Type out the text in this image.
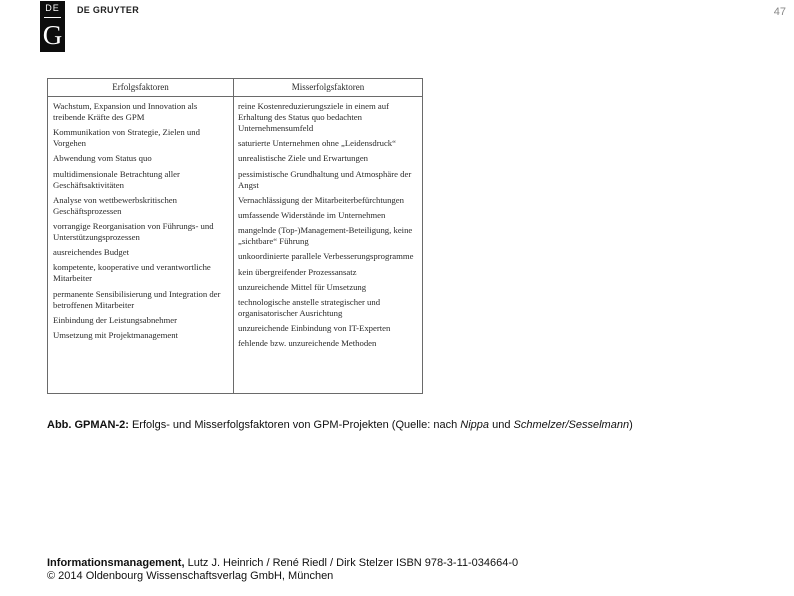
DE
G
DE GRUYTER	47
Erfolgsfaktoren	Misserfolgsfaktoren
Wachstum, Expansion und Innovation als treibende Kräfte des GPM
Kommunikation von Strategie, Zielen und Vorgehen
Abwendung vom Status quo
multidimensionale Betrachtung aller Geschäftsaktivitäten
Analyse von wettbewerbskritischen Geschäftsprozessen
vorrangige Reorganisation von Führungs- und Unterstützungsprozessen
ausreichendes Budget
kompetente, kooperative und verantwortliche Mitarbeiter
permanente Sensibilisierung und Integration der betroffenen Mitarbeiter
Einbindung der Leistungsabnehmer
Umsetzung mit Projektmanagement
reine Kostenreduzierungsziele in einem auf Erhaltung des Status quo bedachten Unternehmensumfeld
saturierte Unternehmen ohne „Leidensdruck“
unrealistische Ziele und Erwartungen
pessimistische Grundhaltung und Atmosphäre der Angst
Vernachlässigung der Mitarbeiterbefürchtungen
umfassende Widerstände im Unternehmen
mangelnde (Top-)Management-Beteiligung, keine „sichtbare“ Führung
unkoordinierte parallele Verbesserungsprogramme
kein übergreifender Prozessansatz
unzureichende Mittel für Umsetzung
technologische anstelle strategischer und organisatorischer Ausrichtung
unzureichende Einbindung von IT-Experten
fehlende bzw. unzureichende Methoden
Abb. GPMAN-2: Erfolgs- und Misserfolgsfaktoren von GPM-Projekten (Quelle: nach Nippa und Schmelzer/Sesselmann)
Informationsmanagement, Lutz J. Heinrich / René Riedl / Dirk Stelzer ISBN 978-3-11-034664-0
© 2014 Oldenbourg Wissenschaftsverlag GmbH, München
